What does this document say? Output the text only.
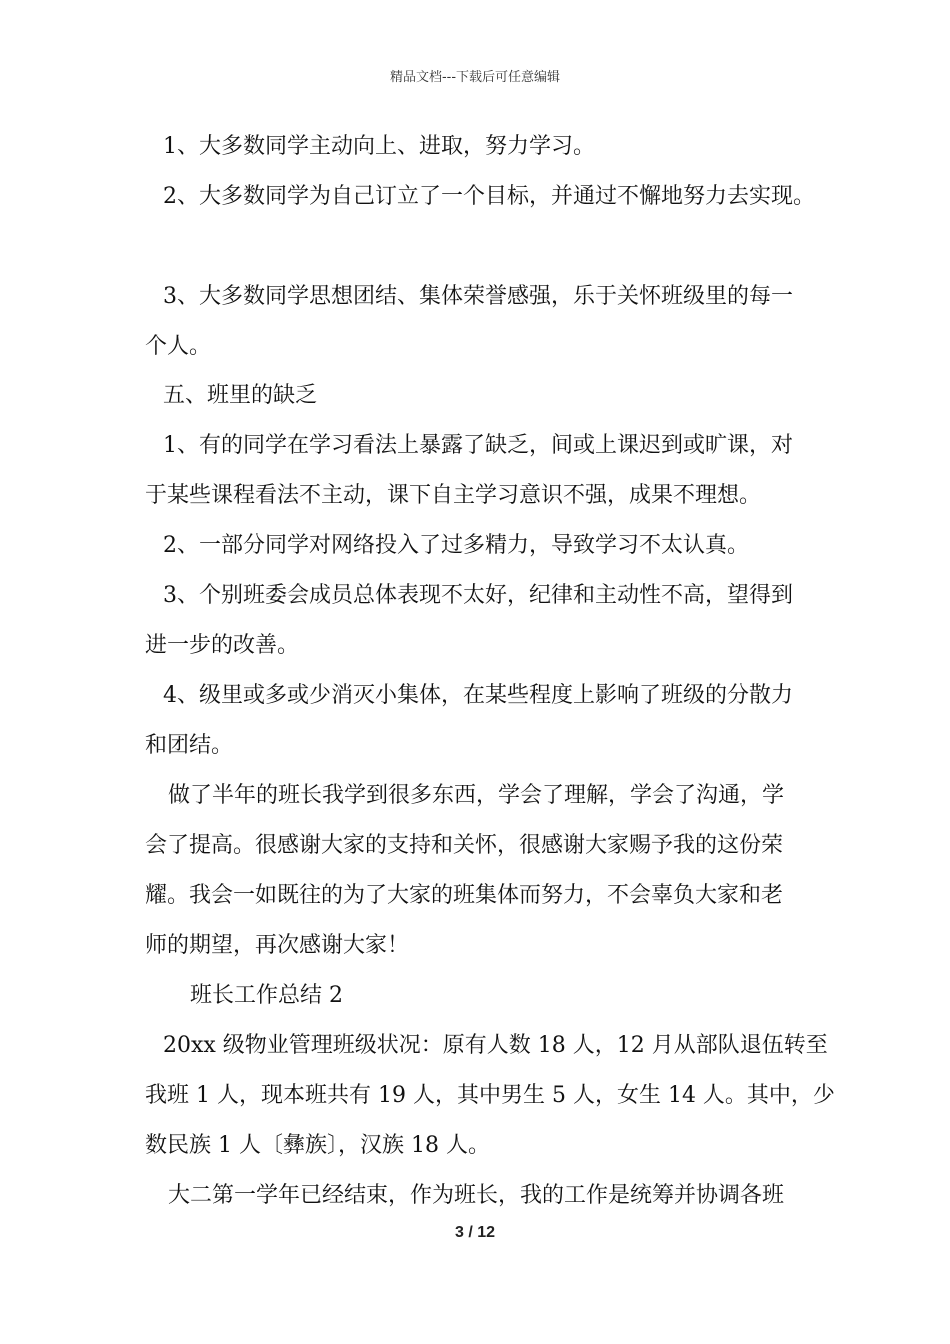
精品文档---下载后可任意编辑
1、大多数同学主动向上、进取，努力学习。
2、大多数同学为自己订立了一个目标，并通过不懈地努力去实现。
3、大多数同学思想团结、集体荣誉感强，乐于关怀班级里的每一
个人。
五、班里的缺乏
1、有的同学在学习看法上暴露了缺乏，间或上课迟到或旷课，对
于某些课程看法不主动，课下自主学习意识不强，成果不理想。
2、一部分同学对网络投入了过多精力，导致学习不太认真。
3、个别班委会成员总体表现不太好，纪律和主动性不高，望得到
进一步的改善。
4、级里或多或少消灭小集体，在某些程度上影响了班级的分散力
和团结。
做了半年的班长我学到很多东西，学会了理解，学会了沟通，学
会了提高。很感谢大家的支持和关怀，很感谢大家赐予我的这份荣
耀。我会一如既往的为了大家的班集体而努力，不会辜负大家和老
师的期望，再次感谢大家！
班长工作总结 2
20xx 级物业管理班级状况：原有人数 18 人，12 月从部队退伍转至
我班 1 人，现本班共有 19 人，其中男生 5 人，女生 14 人。其中，少
数民族 1 人〔彝族〕，汉族 18 人。
大二第一学年已经结束，作为班长，我的工作是统筹并协调各班
3 / 12
